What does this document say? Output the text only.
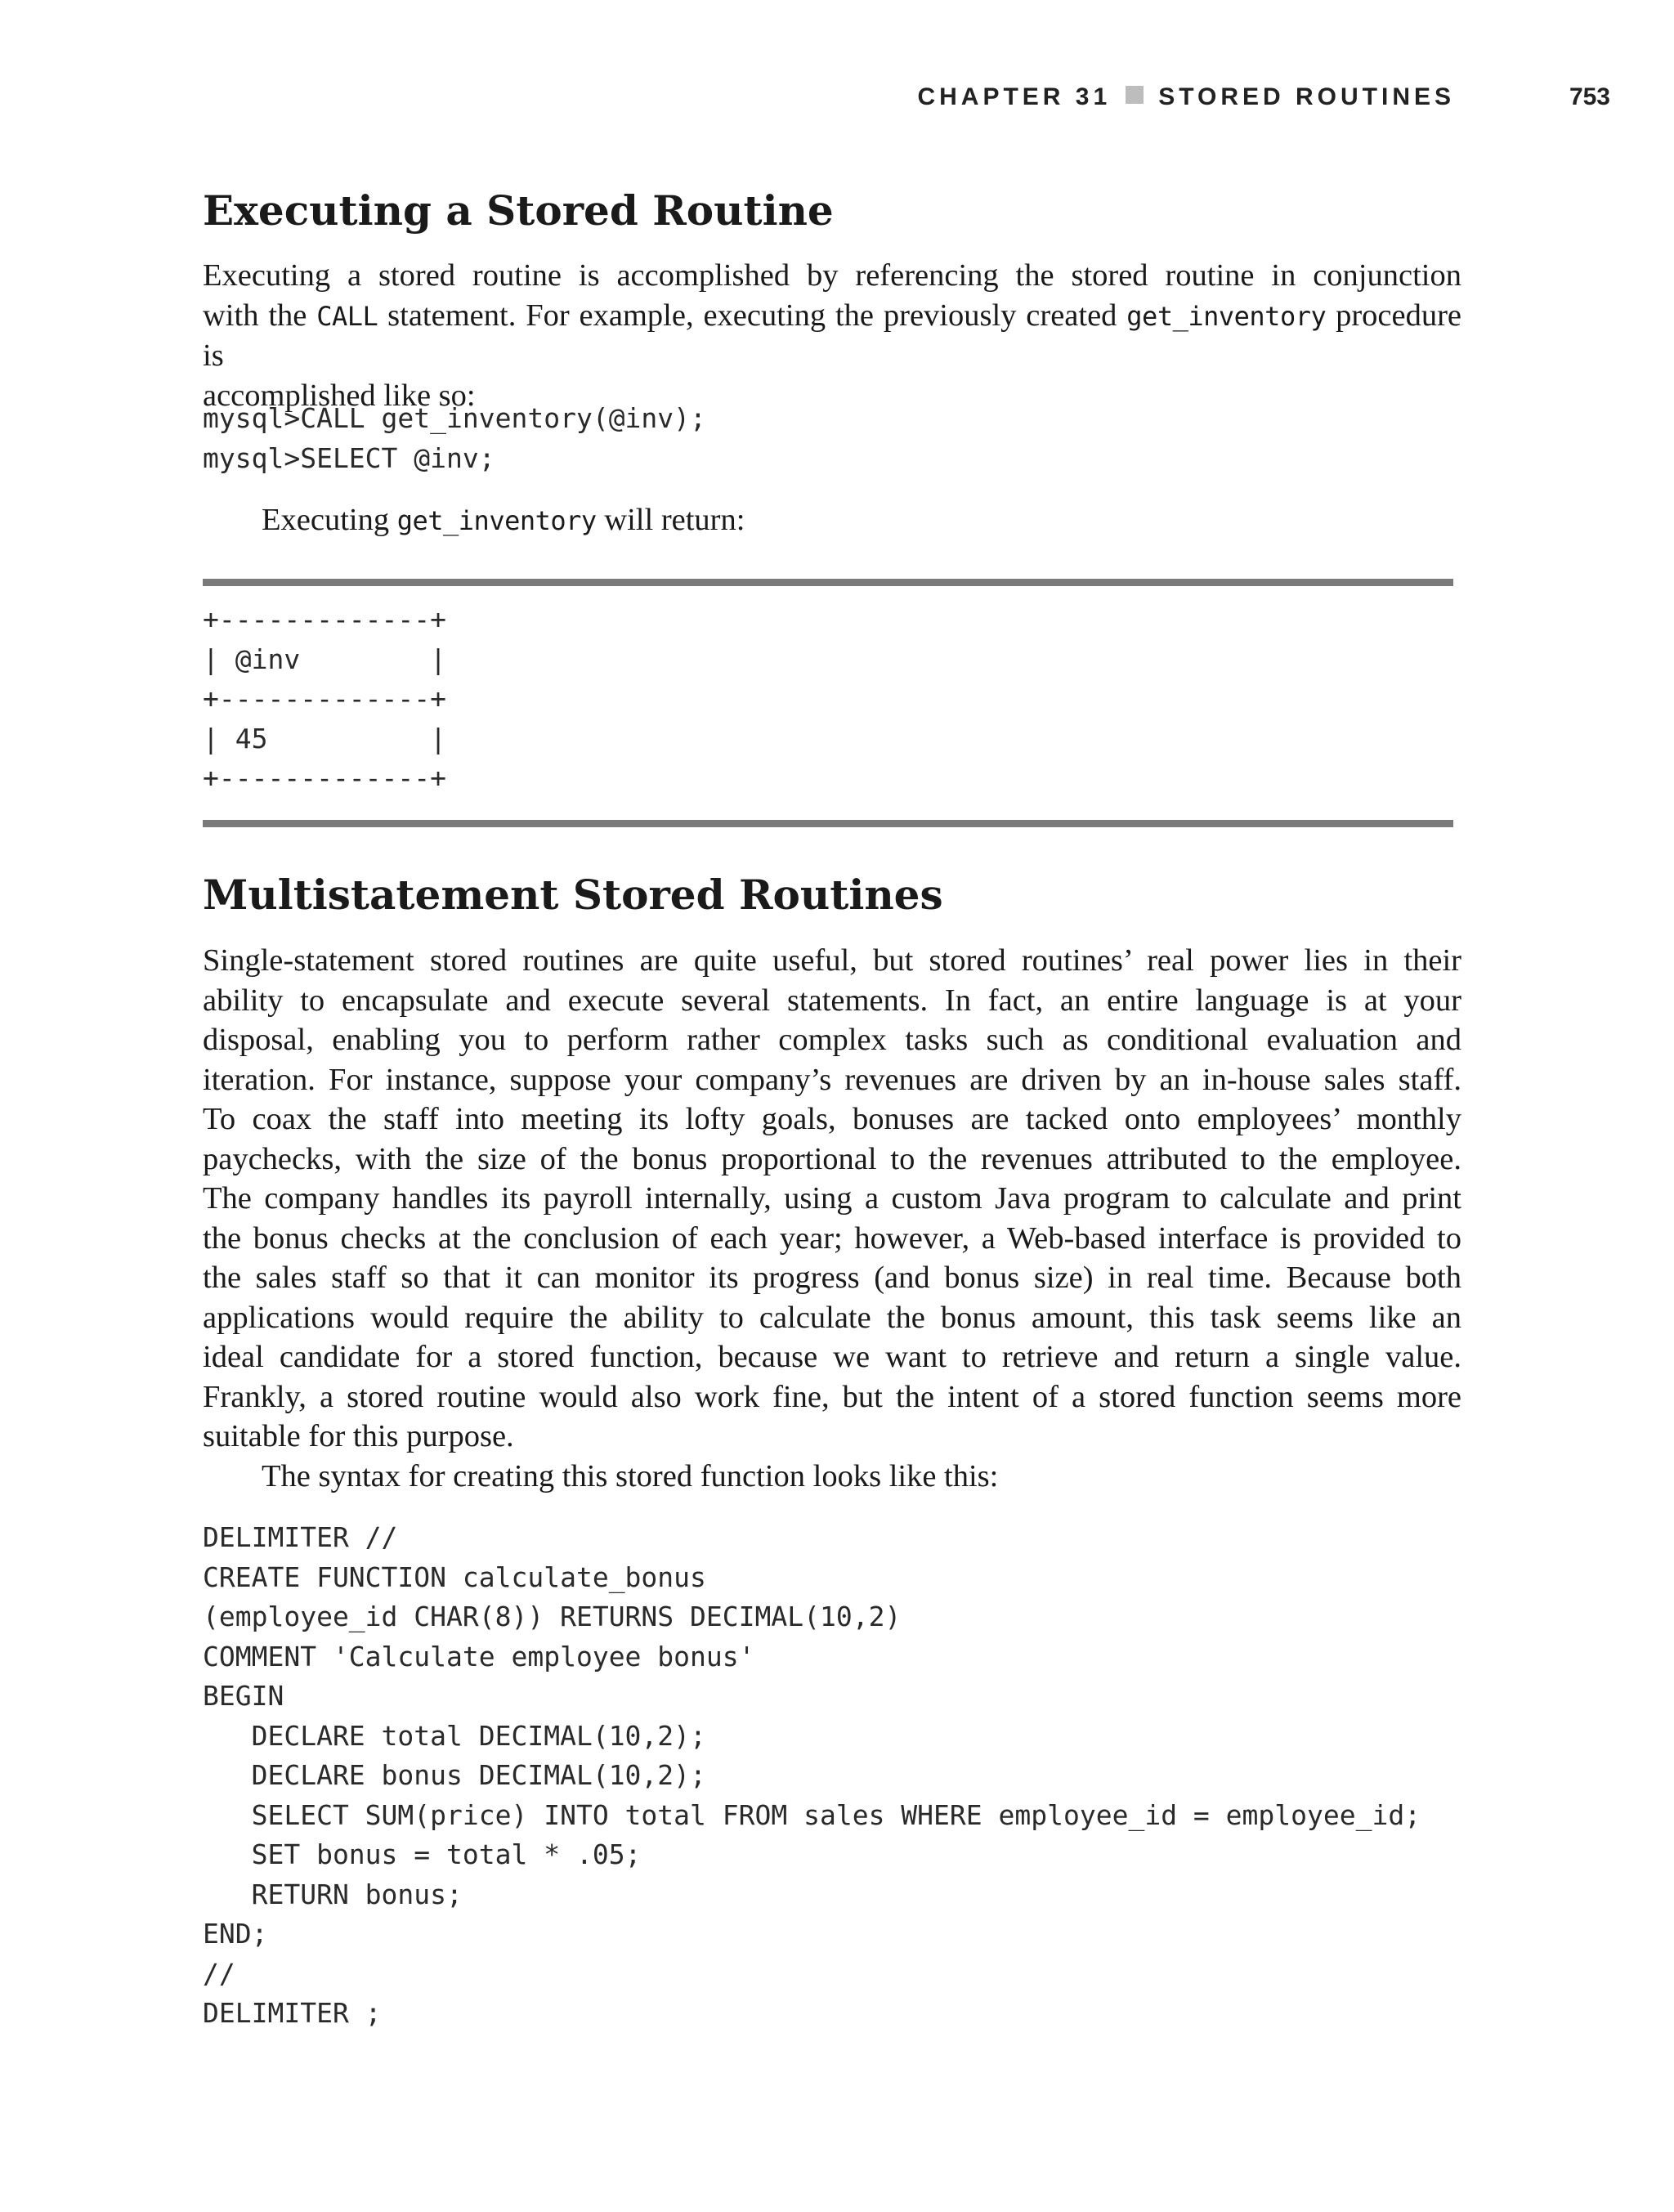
CHAPTER 31 STORED ROUTINES	753
Executing a Stored Routine
Executing a stored routine is accomplished by referencing the stored routine in conjunction
with the CALL statement. For example, executing the previously created get_inventory procedure is
accomplished like so:
mysql>CALL get_inventory(@inv);
mysql>SELECT @inv;
Executing get_inventory will return:
+-------------+
| @inv        |
+-------------+
| 45          |
+-------------+
Multistatement Stored Routines
Single-statement stored routines are quite useful, but stored routines’ real power lies in their
ability to encapsulate and execute several statements. In fact, an entire language is at your
disposal, enabling you to perform rather complex tasks such as conditional evaluation and
iteration. For instance, suppose your company’s revenues are driven by an in-house sales staff.
To coax the staff into meeting its lofty goals, bonuses are tacked onto employees’ monthly
paychecks, with the size of the bonus proportional to the revenues attributed to the employee.
The company handles its payroll internally, using a custom Java program to calculate and print
the bonus checks at the conclusion of each year; however, a Web-based interface is provided to
the sales staff so that it can monitor its progress (and bonus size) in real time. Because both
applications would require the ability to calculate the bonus amount, this task seems like an
ideal candidate for a stored function, because we want to retrieve and return a single value.
Frankly, a stored routine would also work fine, but the intent of a stored function seems more
suitable for this purpose.
The syntax for creating this stored function looks like this:
DELIMITER //
CREATE FUNCTION calculate_bonus
(employee_id CHAR(8)) RETURNS DECIMAL(10,2)
COMMENT 'Calculate employee bonus'
BEGIN
DECLARE total DECIMAL(10,2);
DECLARE bonus DECIMAL(10,2);
SELECT SUM(price) INTO total FROM sales WHERE employee_id = employee_id;
SET bonus = total * .05;
RETURN bonus;
END;
//
DELIMITER ;
